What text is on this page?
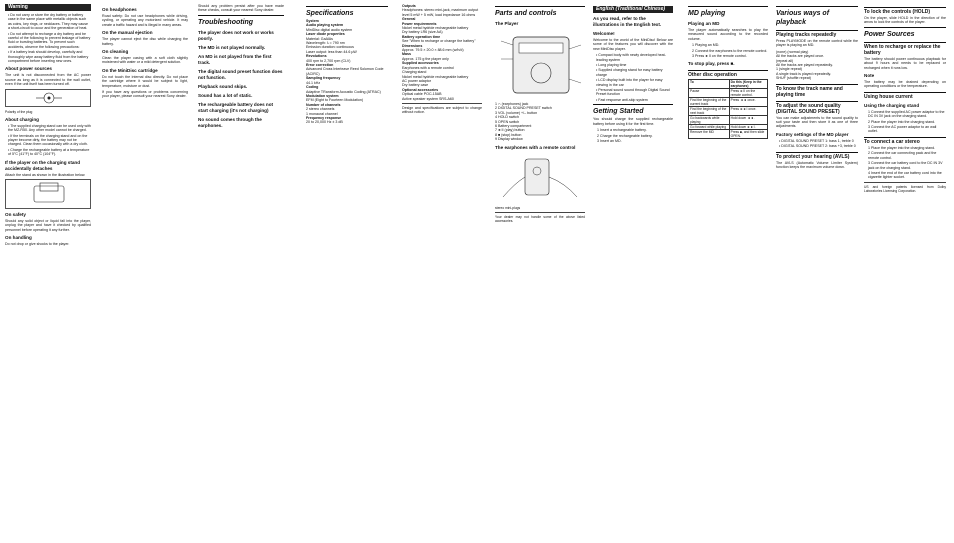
Warning
• Do not carry or store the dry battery or battery case in the same place with metallic objects such as coins, key rings, or necklaces. They may cause a short-circuit to occur and the generation of heat.
• Do not attempt to recharge a dry battery and be careful of the following to prevent leakage of battery fluid or bursting batteries. To prevent such accidents, observe the following precautions:
• If a battery leak should develop, carefully and thoroughly wipe away battery fluid from the battery compartment before inserting new ones.
About power sources
The unit is not disconnected from the AC power source as long as it is connected to the wall outlet, even if the unit itself has been turned off.
Polarity of the plug
About charging
• The supplied charging stand can be used only with the MZ-R50. Any other model cannot be charged.
• If the terminals on the charging stand and on the player become dirty, the battery may not be charged. Clean them occasionally with a dry cloth.
• Charge the rechargeable battery at a temperature of 5°C (41°F) to 40°C (104°F).
If the player on the charging stand accidentally detaches
Attach the stand as shown in the illustration below.
On safety
Should any solid object or liquid fall into the player, unplug the player and have it checked by qualified personnel before operating it any further.
On handling
Do not drop or give shocks to the player.
On headphones
Road safety: Do not use headphones while driving, cycling, or operating any motorized vehicle. It may create a traffic hazard and is illegal in many areas.
On the manual ejection
The player cannot eject the disc while charging the battery.
On cleaning
Clean the player casing with a soft cloth slightly moistened with water or a mild detergent solution.
On the MiniDisc cartridge
Do not touch the internal disc directly. Do not place the cartridge where it would be subject to light, temperature, moisture or dust.
If you have any questions or problems concerning your player, please consult your nearest Sony dealer.
Should any problem persist after you have made these checks, consult your nearest Sony dealer.
Troubleshooting
The player does not work or works poorly.
The MD is not played normally.
An MD is not played from the first track.
The digital sound preset function does not function.
Playback sound skips.
Sound has a lot of static.
The rechargeable battery does not start charging (it's not charging)
No sound comes through the earphones.
Specifications
System
Audio playing system
MiniDisc digital audio system
Laser diode properties
Material: GaAlAs
Wavelength: λ = 790 nm
Emission duration: continuous
Laser output: less than 44.6 µW
Revolutions
400 rpm to 2,700 rpm (CLV)
Error correction
Advanced Cross Interleave Reed Solomon Code (ACIRC)
Sampling frequency
44.1 kHz
Coding
Adaptive TRansform Acoustic Coding (ATRAC)
Modulation system
EFM (Eight to Fourteen Modulation)
Number of channels
2 stereo channels
1 monaural channel
Frequency response
20 to 20,000 Hz ± 3 dB
Outputs
Headphones: stereo mini-jack, maximum output level 5 mW + 5 mW, load impedance 16 ohms
General
Power requirements
Nickel metal hydride rechargeable battery
Dry battery LR6 (size AA)
Battery operation time
See "When to recharge or change the battery"
Dimensions
Approx. 79.5 × 20.0 × 88.6 mm (w/h/d)
Mass
Approx. 175 g the player only
Supplied accessories
Earphones with a remote control
Charging stand
Nickel metal hydride rechargeable battery
AC power adaptor
Dry battery case
Optional accessories
Optical cable POC-15AB
Active speaker system SRS-A60
Design and specifications are subject to change without notice.
Parts and controls
The Player
1 ∩ (earphones) jack
2 DIGITAL SOUND PRESET switch
3 VOL (volume) +/– button
4 HOLD switch
5 OPEN switch
6 Battery compartment
7 ►II (play) button
8 ■ (stop) button
9 Display window
The earphones with a remote control
stereo mini-plugs
Your dealer may not handle some of the above listed accessories.
English (Traditional Chinese)
As you read, refer to the illustrations in the English text.
Welcome!
Welcome to the world of the MiniDisc! Below are some of the features you will discover with the new MiniDisc player.
• Compact body with newly developed heat-leading system
• Long playing time
• Supplied charging stand for easy battery charge
• LCD display built into the player for easy viewing in the car
• Personal sound sound through Digital Sound Preset function
• Fast response anti-skip system
Getting Started
You should charge the supplied rechargeable battery before using it for the first time.
1 Insert a rechargeable battery.
2 Charge the rechargeable battery.
3 Insert an MD.
MD playing
Playing an MD
The player automatically searches to play the measured sound according to the recorded volume.
1 Playing an MD.
2 Connect the earphones to the remote control.
3 Press ►II on the remote control.
To stop play, press ■.
Other disc operation
To	Do this (Keep in the earphones)
Pause	Press ►II on the remote control.
Find the beginning of the current track	Press ◄◄ once.
Find the beginning of the next track	Press ►►I once.
Go backwards while playing	Hold down ◄◄.
Go forward while playing	Hold down ►►I.
Remove the MD	Press ■, and then slide OPEN.
Various ways of playback
Playing tracks repeatedly
Press PLAYMODE on the remote control while the player is playing an MD.
(none) (normal play)
All the tracks are played once.
(repeat all)
All the tracks are played repeatedly.
1 (single repeat)
A single track is played repeatedly.
SHUF (shuffle repeat)
To know the track name and playing time
To adjust the sound quality (DIGITAL SOUND PRESET)
You can make adjustments to the sound quality to suit your taste and then store it as one of three adjustments.
Factory settings of the MD player
• DIGITAL SOUND PRESET 1: bass 1, treble 0
• DIGITAL SOUND PRESET 2: bass +3, treble 0
To protect your hearing (AVLS)
The AVLS (Automatic Volume Limiter System) function keeps the maximum volume down.
To lock the controls (HOLD)
On the player, slide HOLD in the direction of the arrow to lock the controls of the player.
Power Sources
When to recharge or replace the battery
The battery should power continuous playback for about 9 hours and needs to be replaced or recharged when it runs low.
Note
The battery may be drained depending on operating conditions or the temperature.
Using house current
Using the charging stand
1 Connect the supplied AC power adaptor to the DC IN 3V jack on the charging stand.
2 Place the player into the charging stand.
3 Connect the AC power adaptor to an wall outlet.
To connect a car stereo
1 Place the player into the charging stand.
2 Connect the car connecting pack and the remote control.
3 Connect the car battery cord to the DC IN 3V jack on the charging stand.
4 Insert the end of the car battery cord into the cigarette lighter socket.
US and foreign patents licensed from Dolby Laboratories Licensing Corporation.
